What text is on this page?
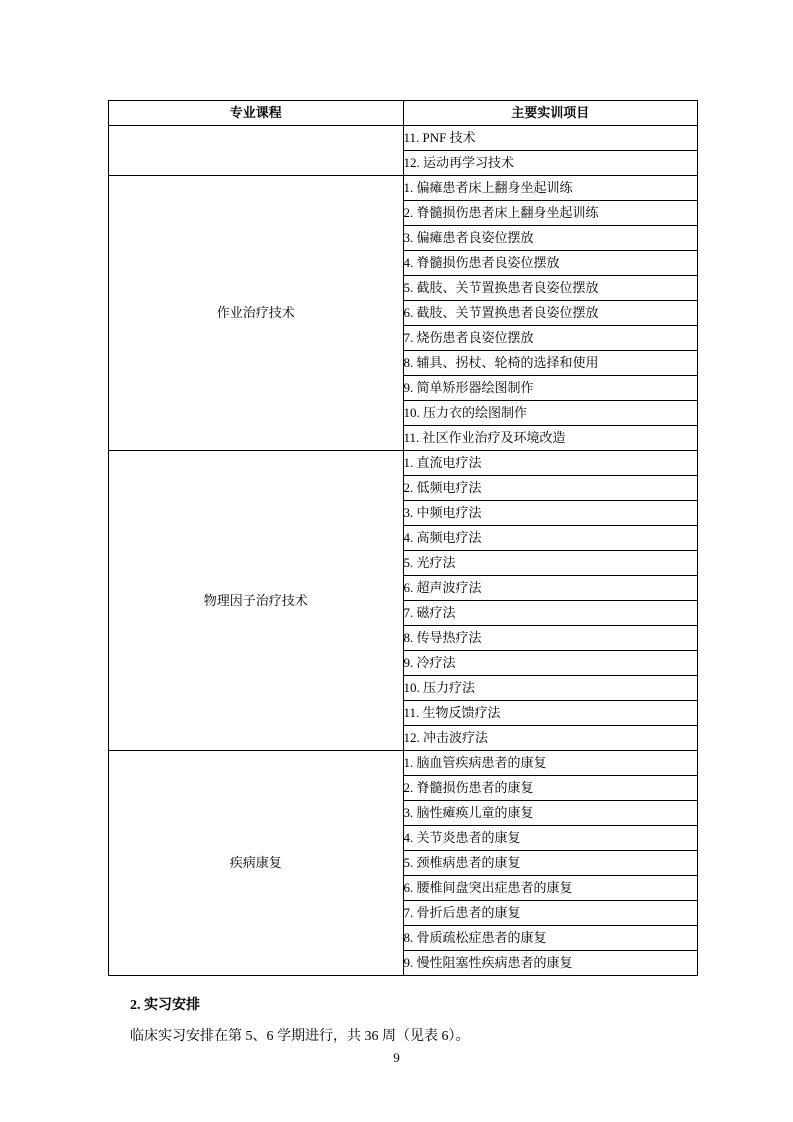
专业课程	主要实训项目
	11. PNF 技术
	12. 运动再学习技术
作业治疗技术	1. 偏瘫患者床上翻身坐起训练
	2. 脊髓损伤患者床上翻身坐起训练
	3. 偏瘫患者良姿位摆放
	4. 脊髓损伤患者良姿位摆放
	5. 截肢、关节置换患者良姿位摆放
	6. 截肢、关节置换患者良姿位摆放
	7. 烧伤患者良姿位摆放
	8. 辅具、拐杖、轮椅的选择和使用
	9. 简单矫形器绘图制作
	10. 压力衣的绘图制作
	11. 社区作业治疗及环境改造
物理因子治疗技术	1. 直流电疗法
	2. 低频电疗法
	3. 中频电疗法
	4. 高频电疗法
	5. 光疗法
	6. 超声波疗法
	7. 磁疗法
	8. 传导热疗法
	9. 冷疗法
	10. 压力疗法
	11. 生物反馈疗法
	12. 冲击波疗法
疾病康复	1. 脑血管疾病患者的康复
	2. 脊髓损伤患者的康复
	3. 脑性瘫痪儿童的康复
	4. 关节炎患者的康复
	5. 颈椎病患者的康复
	6. 腰椎间盘突出症患者的康复
	7. 骨折后患者的康复
	8. 骨质疏松症患者的康复
	9. 慢性阻塞性疾病患者的康复
2. 实习安排
临床实习安排在第 5、6 学期进行，共 36 周（见表 6）。
9
